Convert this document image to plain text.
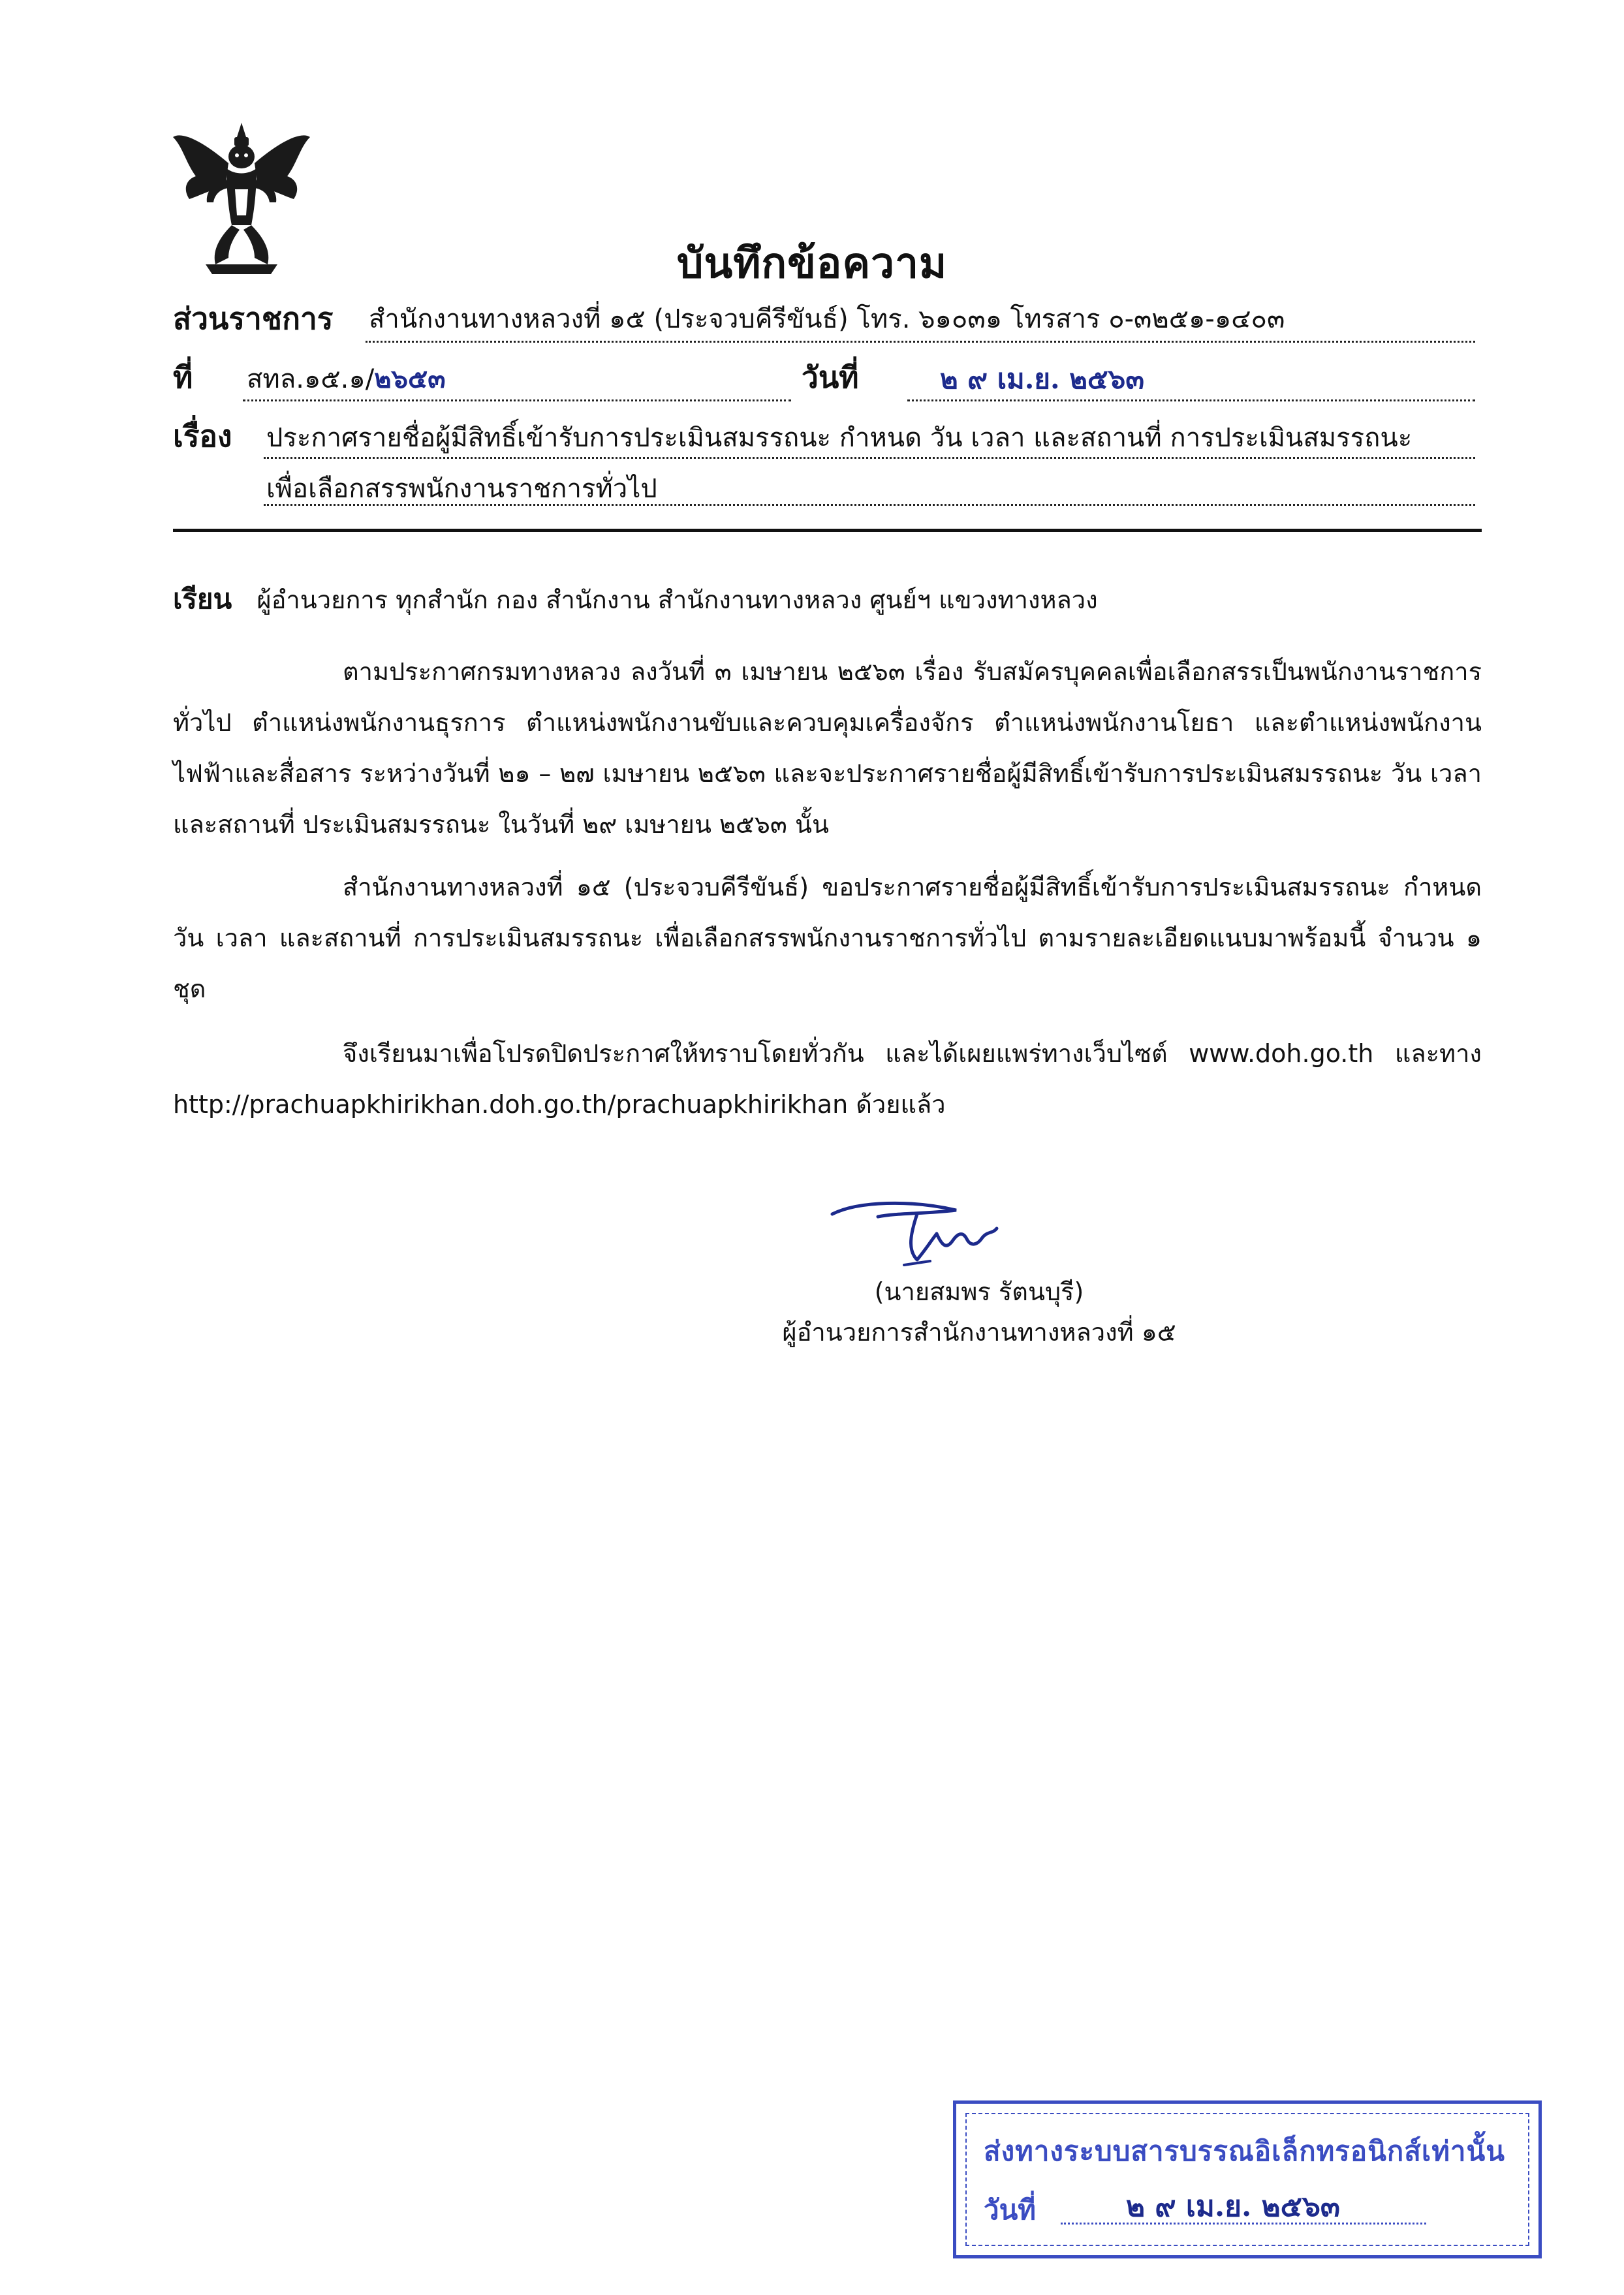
บันทึกข้อความ
ส่วนราชการ สำนักงานทางหลวงที่ ๑๕ (ประจวบคีรีขันธ์) โทร. ๖๑๐๓๑ โทรสาร ๐-๓๒๕๑-๑๔๐๓
ที่ สทล.๑๕.๑/๒๖๕๓	วันที่	๒ ๙ เม.ย. ๒๕๖๓
เรื่อง ประกาศรายชื่อผู้มีสิทธิ์เข้ารับการประเมินสมรรถนะ กำหนด วัน เวลา และสถานที่ การประเมินสมรรถนะ
เพื่อเลือกสรรพนักงานราชการทั่วไป
เรียน ผู้อำนวยการ ทุกสำนัก กอง สำนักงาน สำนักงานทางหลวง ศูนย์ฯ แขวงทางหลวง

ตามประกาศกรมทางหลวง ลงวันที่ ๓ เมษายน ๒๕๖๓ เรื่อง รับสมัครบุคคลเพื่อเลือกสรรเป็นพนักงานราชการทั่วไป ตำแหน่งพนักงานธุรการ ตำแหน่งพนักงานขับและควบคุมเครื่องจักร ตำแหน่งพนักงานโยธา และตำแหน่งพนักงานไฟฟ้าและสื่อสาร ระหว่างวันที่ ๒๑ – ๒๗ เมษายน ๒๕๖๓ และจะประกาศรายชื่อผู้มีสิทธิ์เข้ารับการประเมินสมรรถนะ วัน เวลา และสถานที่ ประเมินสมรรถนะ ในวันที่ ๒๙ เมษายน ๒๕๖๓ นั้น

สำนักงานทางหลวงที่ ๑๕ (ประจวบคีรีขันธ์) ขอประกาศรายชื่อผู้มีสิทธิ์เข้ารับการประเมินสมรรถนะ กำหนด วัน เวลา และสถานที่ การประเมินสมรรถนะ เพื่อเลือกสรรพนักงานราชการทั่วไป ตามรายละเอียดแนบมาพร้อมนี้ จำนวน ๑ ชุด

จึงเรียนมาเพื่อโปรดปิดประกาศให้ทราบโดยทั่วกัน และได้เผยแพร่ทางเว็บไซต์ www.doh.go.th และทาง http://prachuapkhirikhan.doh.go.th/prachuapkhirikhan ด้วยแล้ว

(นายสมพร รัตนบุรี)
ผู้อำนวยการสำนักงานทางหลวงที่ ๑๕
ส่งทางระบบสารบรรณอิเล็กทรอนิกส์เท่านั้น
วันที่	๒ ๙ เม.ย. ๒๕๖๓
